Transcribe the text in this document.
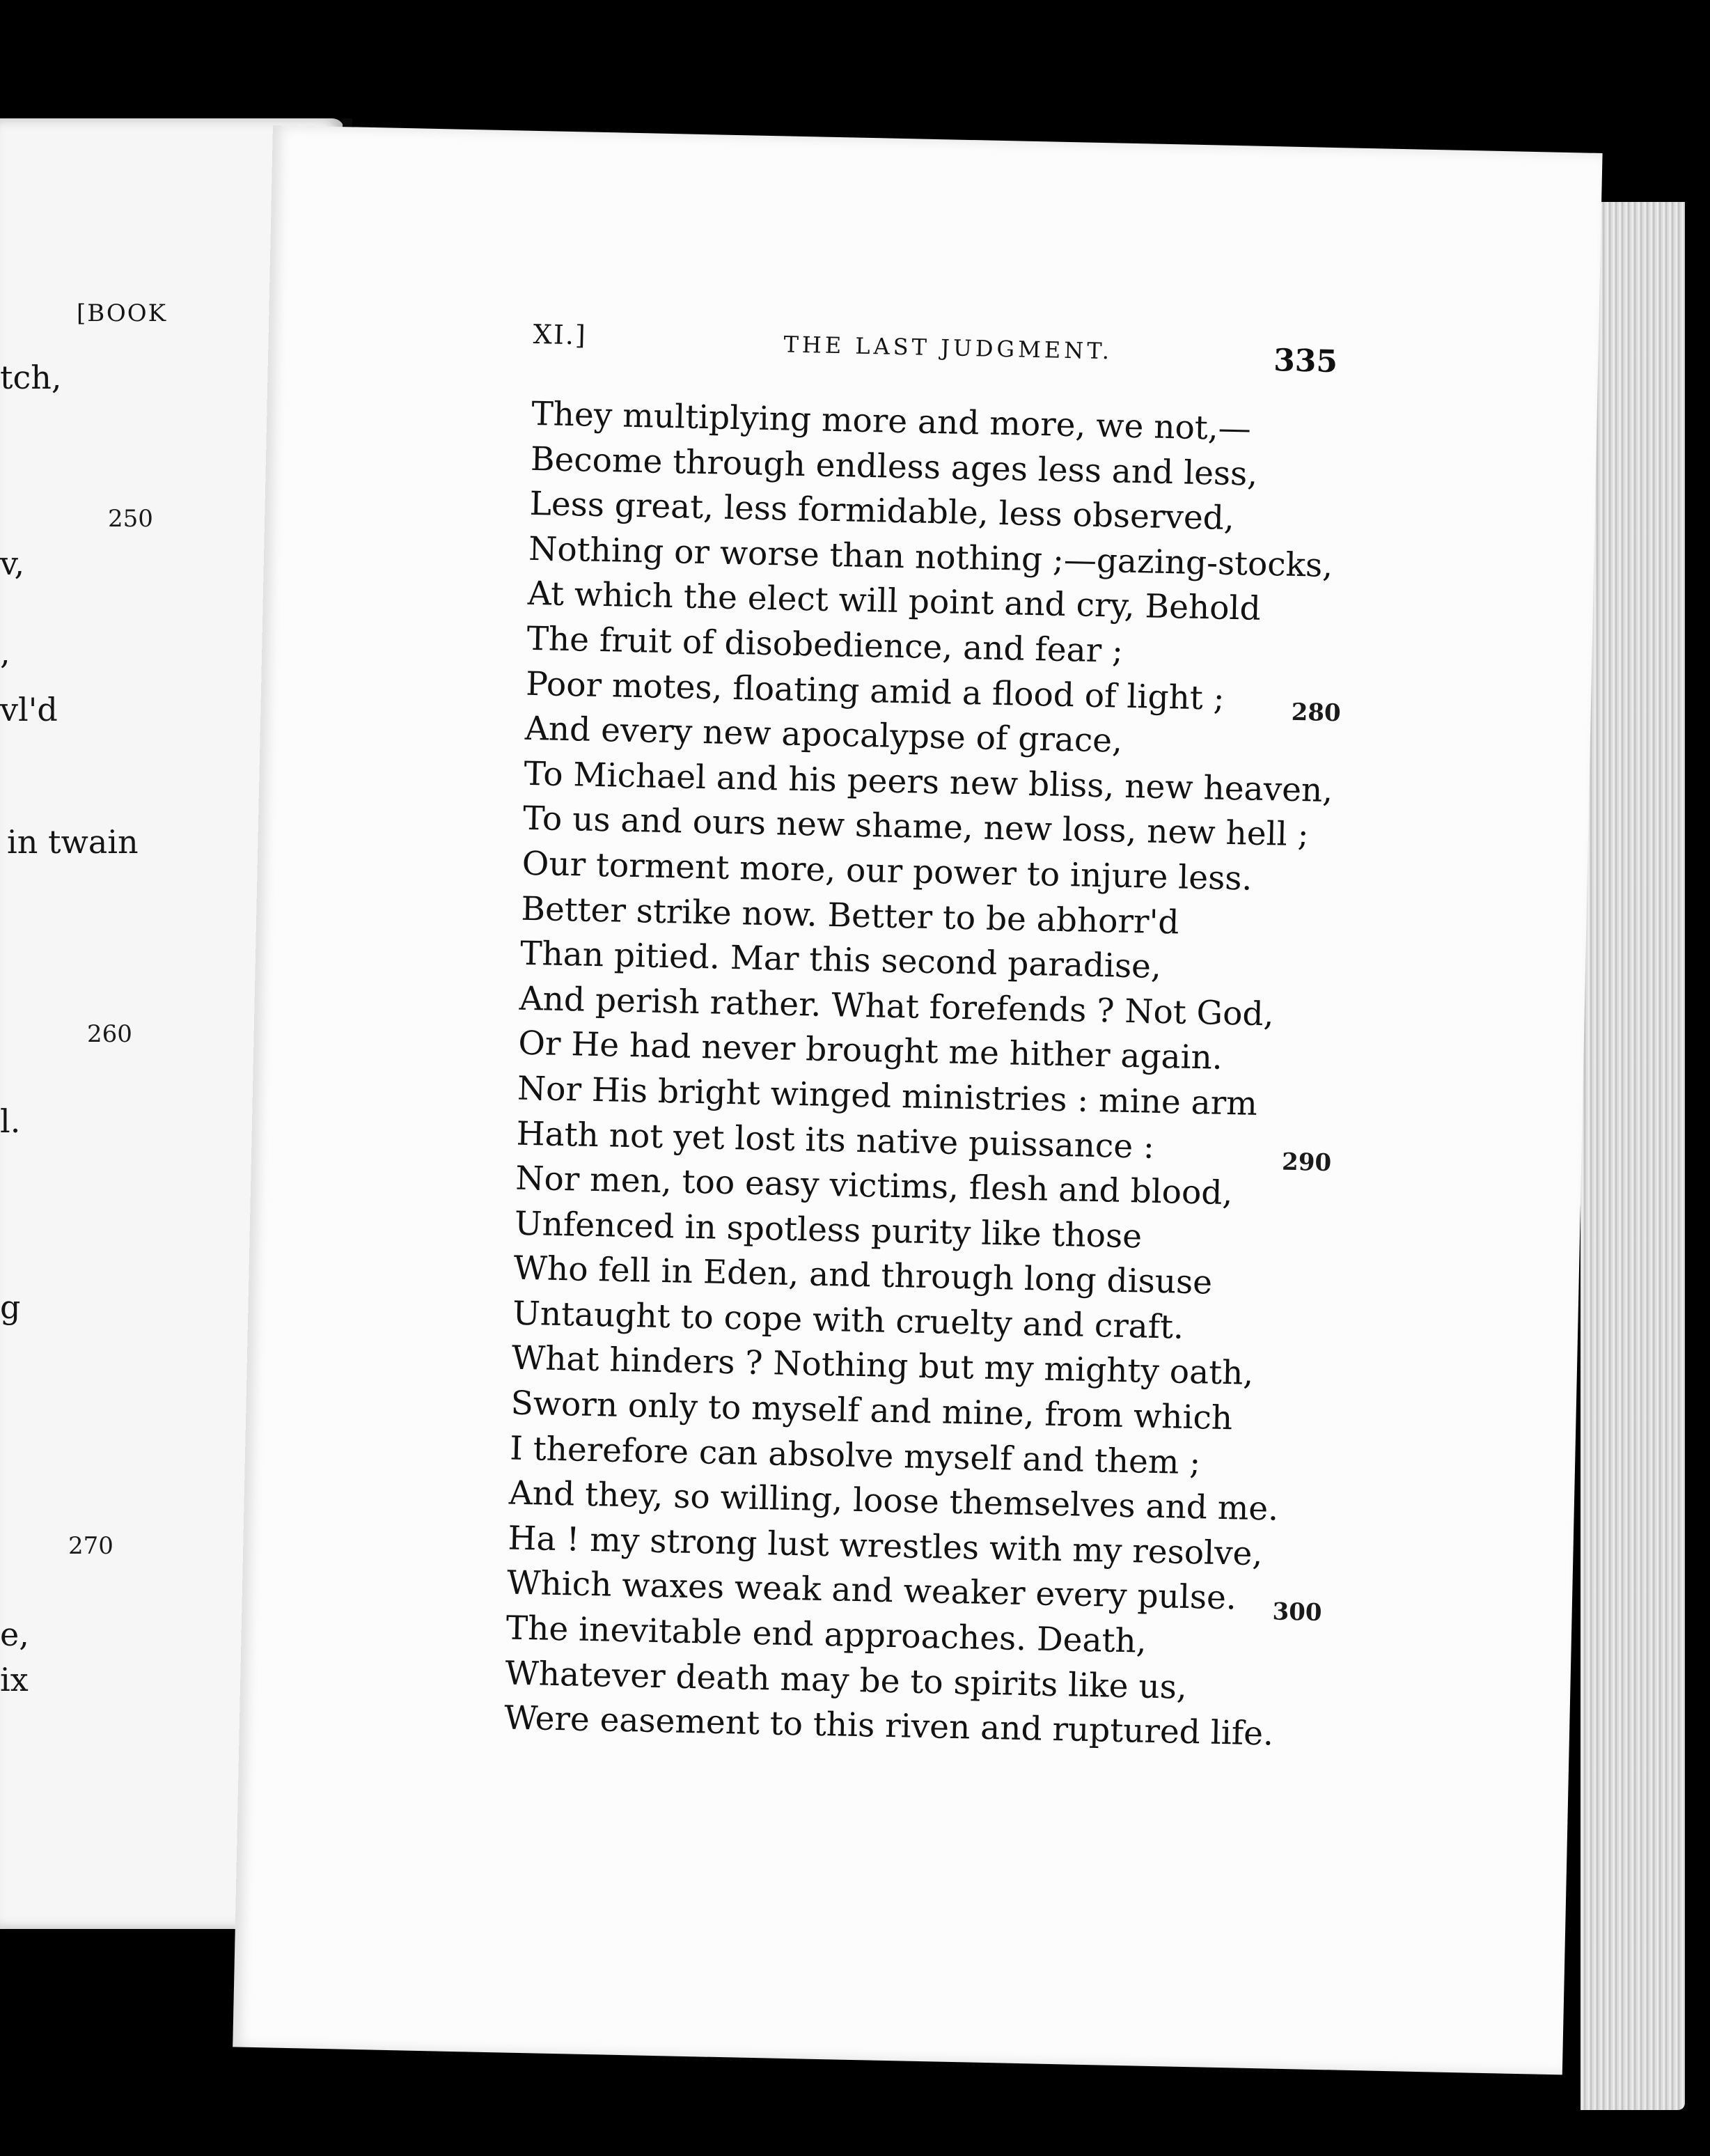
[BOOK
tch,
v,
,
vl'd
in twain
l.
g
e,
ix
250
260
270
XI.]	THE LAST JUDGMENT.	335
They multiplying more and more, we not,—
Become through endless ages less and less,
Less great, less formidable, less observed,
Nothing or worse than nothing ;—gazing-stocks,
At which the elect will point and cry, Behold
The fruit of disobedience, and fear ;
Poor motes, floating amid a flood of light ;
And every new apocalypse of grace,
To Michael and his peers new bliss, new heaven,
To us and ours new shame, new loss, new hell ;
Our torment more, our power to injure less.
Better strike now. Better to be abhorr'd
Than pitied. Mar this second paradise,
And perish rather. What forefends ? Not God,
Or He had never brought me hither again.
Nor His bright winged ministries : mine arm
Hath not yet lost its native puissance :
Nor men, too easy victims, flesh and blood,
Unfenced in spotless purity like those
Who fell in Eden, and through long disuse
Untaught to cope with cruelty and craft.
What hinders ? Nothing but my mighty oath,
Sworn only to myself and mine, from which
I therefore can absolve myself and them ;
And they, so willing, loose themselves and me.
Ha ! my strong lust wrestles with my resolve,
Which waxes weak and weaker every pulse.
The inevitable end approaches. Death,
Whatever death may be to spirits like us,
Were easement to this riven and ruptured life.
280
290
300
